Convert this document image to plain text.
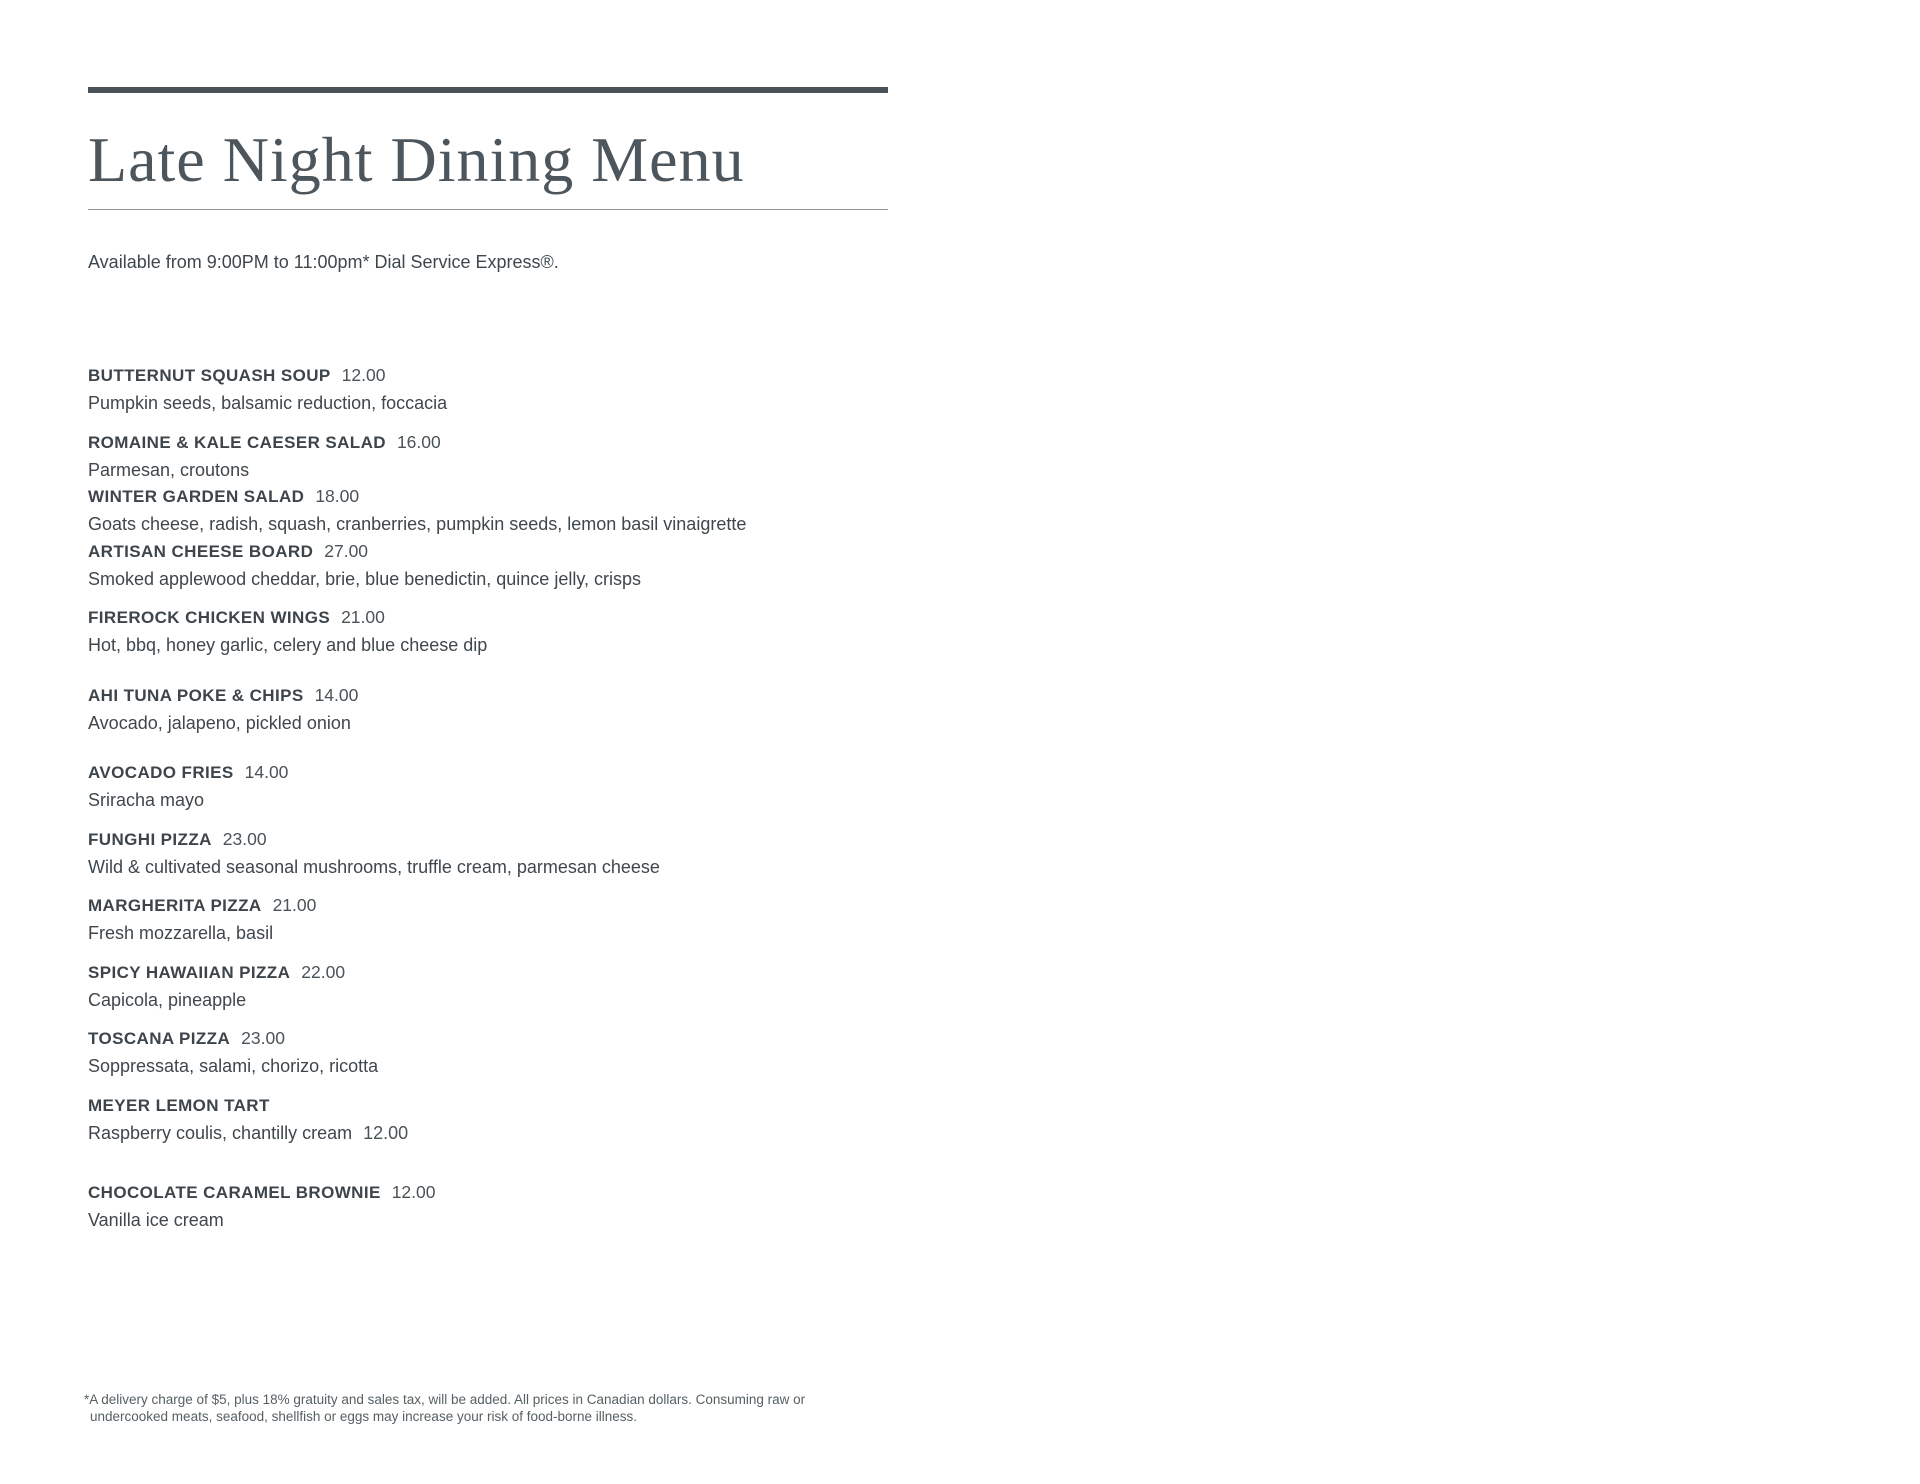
Late Night Dining Menu
Available from 9:00PM to 11:00pm* Dial Service Express®.
BUTTERNUT SQUASH SOUP 12.00
Pumpkin seeds, balsamic reduction, foccacia
ROMAINE & KALE CAESER SALAD 16.00
Parmesan, croutons
WINTER GARDEN SALAD 18.00
Goats cheese, radish, squash, cranberries, pumpkin seeds, lemon basil vinaigrette
ARTISAN CHEESE BOARD 27.00
Smoked applewood cheddar, brie, blue benedictin, quince jelly, crisps
FIREROCK CHICKEN WINGS 21.00
Hot, bbq, honey garlic, celery and blue cheese dip
AHI TUNA POKE & CHIPS 14.00
Avocado, jalapeno, pickled onion
AVOCADO FRIES 14.00
Sriracha mayo
FUNGHI PIZZA 23.00
Wild & cultivated seasonal mushrooms, truffle cream, parmesan cheese
MARGHERITA PIZZA 21.00
Fresh mozzarella, basil
SPICY HAWAIIAN PIZZA 22.00
Capicola, pineapple
TOSCANA PIZZA 23.00
Soppressata, salami, chorizo, ricotta
MEYER LEMON TART
Raspberry coulis, chantilly cream 12.00
CHOCOLATE CARAMEL BROWNIE 12.00
Vanilla ice cream
*A delivery charge of $5, plus 18% gratuity and sales tax, will be added. All prices in Canadian dollars. Consuming raw or undercooked meats, seafood, shellfish or eggs may increase your risk of food-borne illness.
